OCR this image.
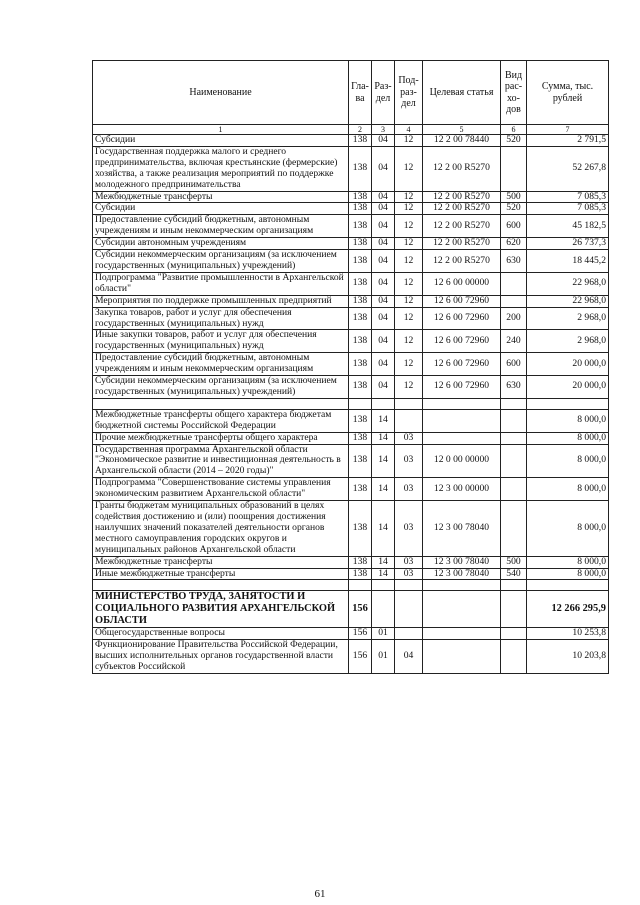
Наименование	Гла-ва	Раз-дел	Под-раз-дел	Целевая статья	Вид рас-хо-дов	Сумма, тыс. рублей
1	2	3	4	5	6	7
Субсидии	138	04	12	12 2 00 78440	520	2 791,5
Государственная поддержка малого и среднего предпринимательства, включая крестьянские (фермерские) хозяйства, а также реализация мероприятий по поддержке молодежного предпринимательства	138	04	12	12 2 00 R5270		52 267,8
Межбюджетные трансферты	138	04	12	12 2 00 R5270	500	7 085,3
Субсидии	138	04	12	12 2 00 R5270	520	7 085,3
Предоставление субсидий бюджетным, автономным учреждениям и иным некоммерческим организациям	138	04	12	12 2 00 R5270	600	45 182,5
Субсидии автономным учреждениям	138	04	12	12 2 00 R5270	620	26 737,3
Субсидии некоммерческим организациям (за исключением государственных (муниципальных) учреждений)	138	04	12	12 2 00 R5270	630	18 445,2
Подпрограмма "Развитие промышленности в Архангельской области"	138	04	12	12 6 00 00000		22 968,0
Мероприятия по поддержке промышленных предприятий	138	04	12	12 6 00 72960		22 968,0
Закупка товаров, работ и услуг для обеспечения государственных (муниципальных) нужд	138	04	12	12 6 00 72960	200	2 968,0
Иные закупки товаров, работ и услуг для обеспечения государственных (муниципальных) нужд	138	04	12	12 6 00 72960	240	2 968,0
Предоставление субсидий бюджетным, автономным учреждениям и иным некоммерческим организациям	138	04	12	12 6 00 72960	600	20 000,0
Субсидии некоммерческим организациям (за исключением государственных (муниципальных) учреждений)	138	04	12	12 6 00 72960	630	20 000,0

Межбюджетные трансферты общего характера бюджетам бюджетной системы Российской Федерации	138	14				8 000,0
Прочие межбюджетные трансферты общего характера	138	14	03			8 000,0
Государственная программа Архангельской области "Экономическое развитие и инвестиционная деятельность в Архангельской области (2014 – 2020 годы)"	138	14	03	12 0 00 00000		8 000,0
Подпрограмма "Совершенствование системы управления экономическим развитием Архангельской области"	138	14	03	12 3 00 00000		8 000,0
Гранты бюджетам муниципальных образований в целях содействия достижению и (или) поощрения достижения наилучших значений показателей деятельности органов местного самоуправления городских округов и муниципальных районов Архангельской области	138	14	03	12 3 00 78040		8 000,0
Межбюджетные трансферты	138	14	03	12 3 00 78040	500	8 000,0
Иные межбюджетные трансферты	138	14	03	12 3 00 78040	540	8 000,0

МИНИСТЕРСТВО ТРУДА, ЗАНЯТОСТИ И СОЦИАЛЬНОГО РАЗВИТИЯ АРХАНГЕЛЬСКОЙ ОБЛАСТИ	156					12 266 295,9
Общегосударственные вопросы	156	01				10 253,8
Функционирование Правительства Российской Федерации, высших исполнительных органов государственной власти субъектов Российской	156	01	04			10 203,8
61
